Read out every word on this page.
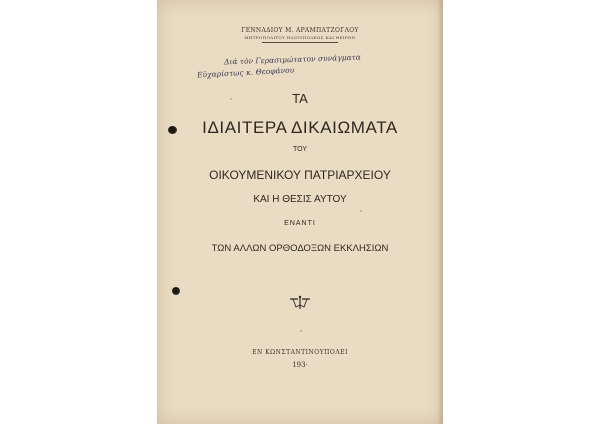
ΓΕΝΝΑΔΙΟΥ Μ. ΑΡΑΜΠΑΤΖΟΓΛΟΥ
ΜΗΤΡΟΠΟΛΙΤΟΥ ΗΛΙΟΥΠΟΛΕΩΣ ΚΑΙ ΘΕΙΡΩΝ
Διά τὸν Γερασιμώτατον συνάγματα
Εὐχαρίστως κ. Θεοφάνου
ΤΑ
ΙΔΙΑΙΤΕΡΑ ΔΙΚΑΙΩΜΑΤΑ
ΤΟΥ
ΟΙΚΟΥΜΕΝΙΚΟΥ ΠΑΤΡΙΑΡΧΕΙΟΥ
ΚΑΙ Η ΘΕΣΙΣ ΑΥΤΟΥ
ΕΝΑΝΤΙ
ΤΩΝ ΑΛΛΩΝ ΟΡΘΟΔΟΞΩΝ ΕΚΚΛΗΣΙΩΝ
ΕΝ ΚΩΝΣΤΑΝΤΙΝΟΥΠΟΛΕΙ
193·
